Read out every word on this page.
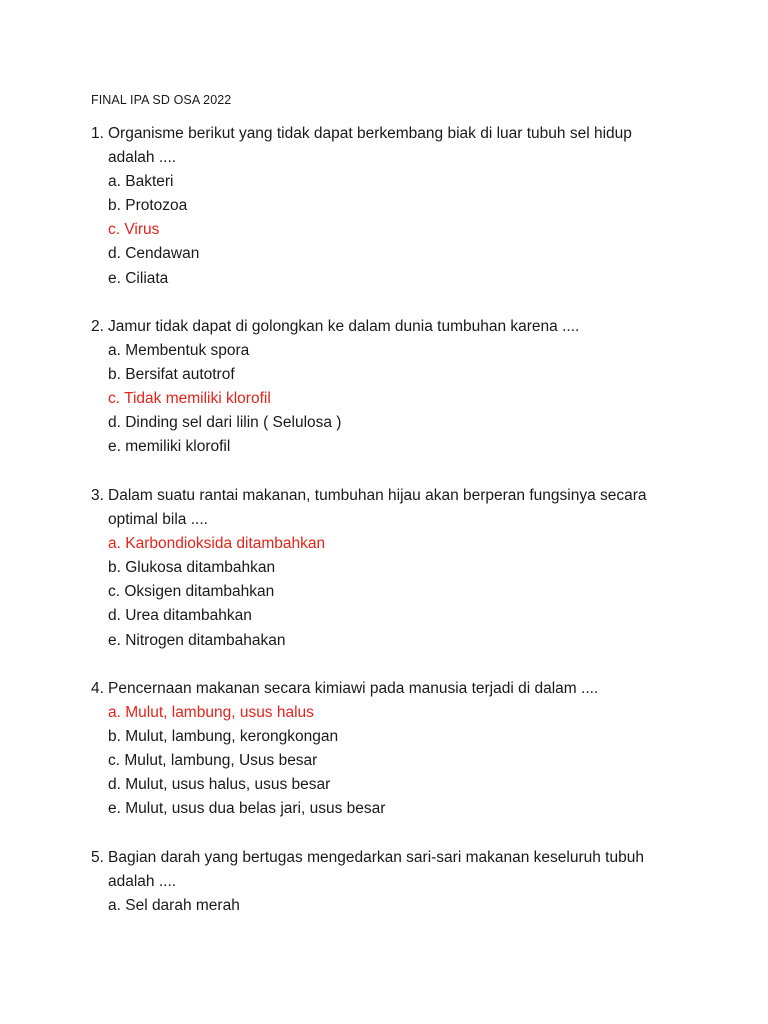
FINAL IPA SD OSA 2022
1. Organisme berikut yang tidak dapat berkembang biak di luar tubuh sel hidup
adalah ....
a. Bakteri
b. Protozoa
c. Virus
d. Cendawan
e. Ciliata
2. Jamur tidak dapat di golongkan ke dalam dunia tumbuhan karena ....
a. Membentuk spora
b. Bersifat autotrof
c. Tidak memiliki klorofil
d. Dinding sel dari lilin ( Selulosa )
e. memiliki klorofil
3. Dalam suatu rantai makanan, tumbuhan hijau akan berperan fungsinya secara
optimal bila ....
a. Karbondioksida ditambahkan
b. Glukosa ditambahkan
c. Oksigen ditambahkan
d. Urea ditambahkan
e. Nitrogen ditambahakan
4. Pencernaan makanan secara kimiawi pada manusia terjadi di dalam ....
a. Mulut, lambung, usus halus
b. Mulut, lambung, kerongkongan
c. Mulut, lambung, Usus besar
d. Mulut, usus halus, usus besar
e. Mulut, usus dua belas jari, usus besar
5. Bagian darah yang bertugas mengedarkan sari-sari makanan keseluruh tubuh
adalah ....
a. Sel darah merah
